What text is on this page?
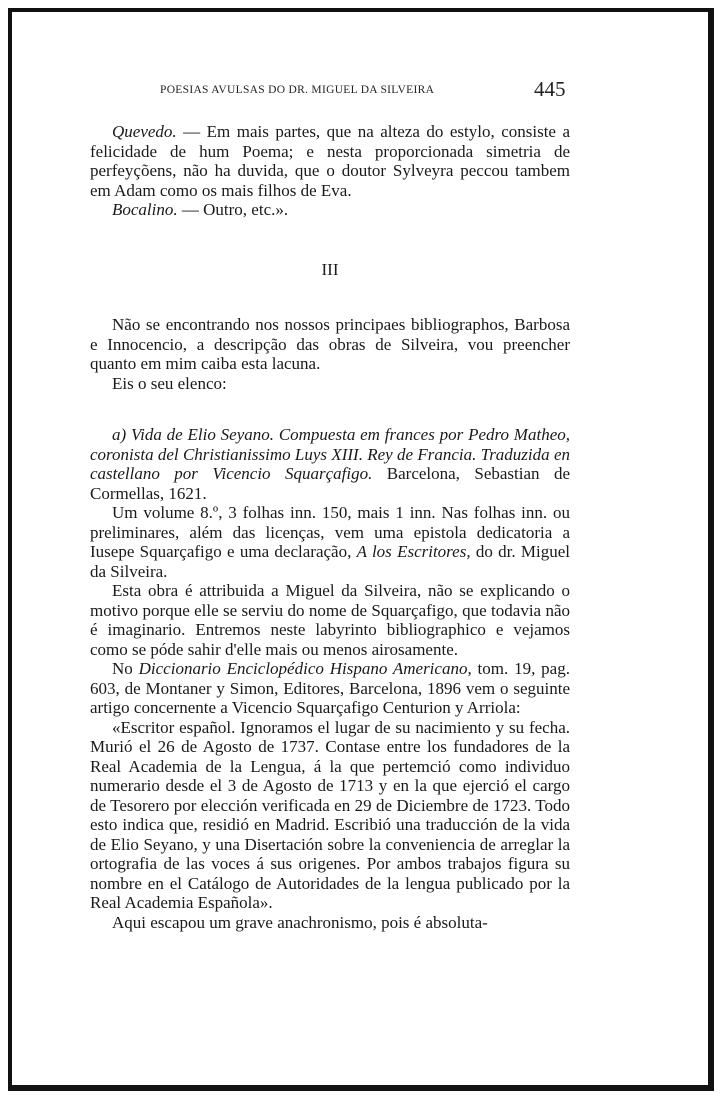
POESIAS AVULSAS DO DR. MIGUEL DA SILVEIRA	445

Quevedo. — Em mais partes, que na alteza do estylo, consiste a felicidade de hum Poema; e nesta proporcionada simetria de perfeyçõens, não ha duvida, que o doutor Sylveyra peccou tambem em Adam como os mais filhos de Eva.

Bocalino. — Outro, etc.».

III

Não se encontrando nos nossos principaes bibliographos, Barbosa e Innocencio, a descripção das obras de Silveira, vou preencher quanto em mim caiba esta lacuna.

Eis o seu elenco:

a) Vida de Elio Seyano. Compuesta em frances por Pedro Matheo, coronista del Christianissimo Luys XIII. Rey de Francia. Traduzida en castellano por Vicencio Squarçafigo. Barcelona, Sebastian de Cormellas, 1621.

Um volume 8.º, 3 folhas inn. 150, mais 1 inn. Nas folhas inn. ou preliminares, além das licenças, vem uma epistola dedicatoria a Iusepe Squarçafigo e uma declaração, A los Escritores, do dr. Miguel da Silveira.

Esta obra é attribuida a Miguel da Silveira, não se explicando o motivo porque elle se serviu do nome de Squarçafigo, que todavia não é imaginario. Entremos neste labyrinto bibliographico e vejamos como se póde sahir d'elle mais ou menos airosamente.

No Diccionario Enciclopédico Hispano Americano, tom. 19, pag. 603, de Montaner y Simon, Editores, Barcelona, 1896 vem o seguinte artigo concernente a Vicencio Squarçafigo Centurion y Arriola:

«Escritor español. Ignoramos el lugar de su nacimiento y su fecha. Murió el 26 de Agosto de 1737. Contase entre los fundadores de la Real Academia de la Lengua, á la que pertemció como individuo numerario desde el 3 de Agosto de 1713 y en la que ejerció el cargo de Tesorero por elección verificada en 29 de Diciembre de 1723. Todo esto indica que, residió en Madrid. Escribió una traducción de la vida de Elio Seyano, y una Disertación sobre la conveniencia de arreglar la ortografia de las voces á sus origenes. Por ambos trabajos figura su nombre en el Catálogo de Autoridades de la lengua publicado por la Real Academia Española».

Aqui escapou um grave anachronismo, pois é absoluta-
